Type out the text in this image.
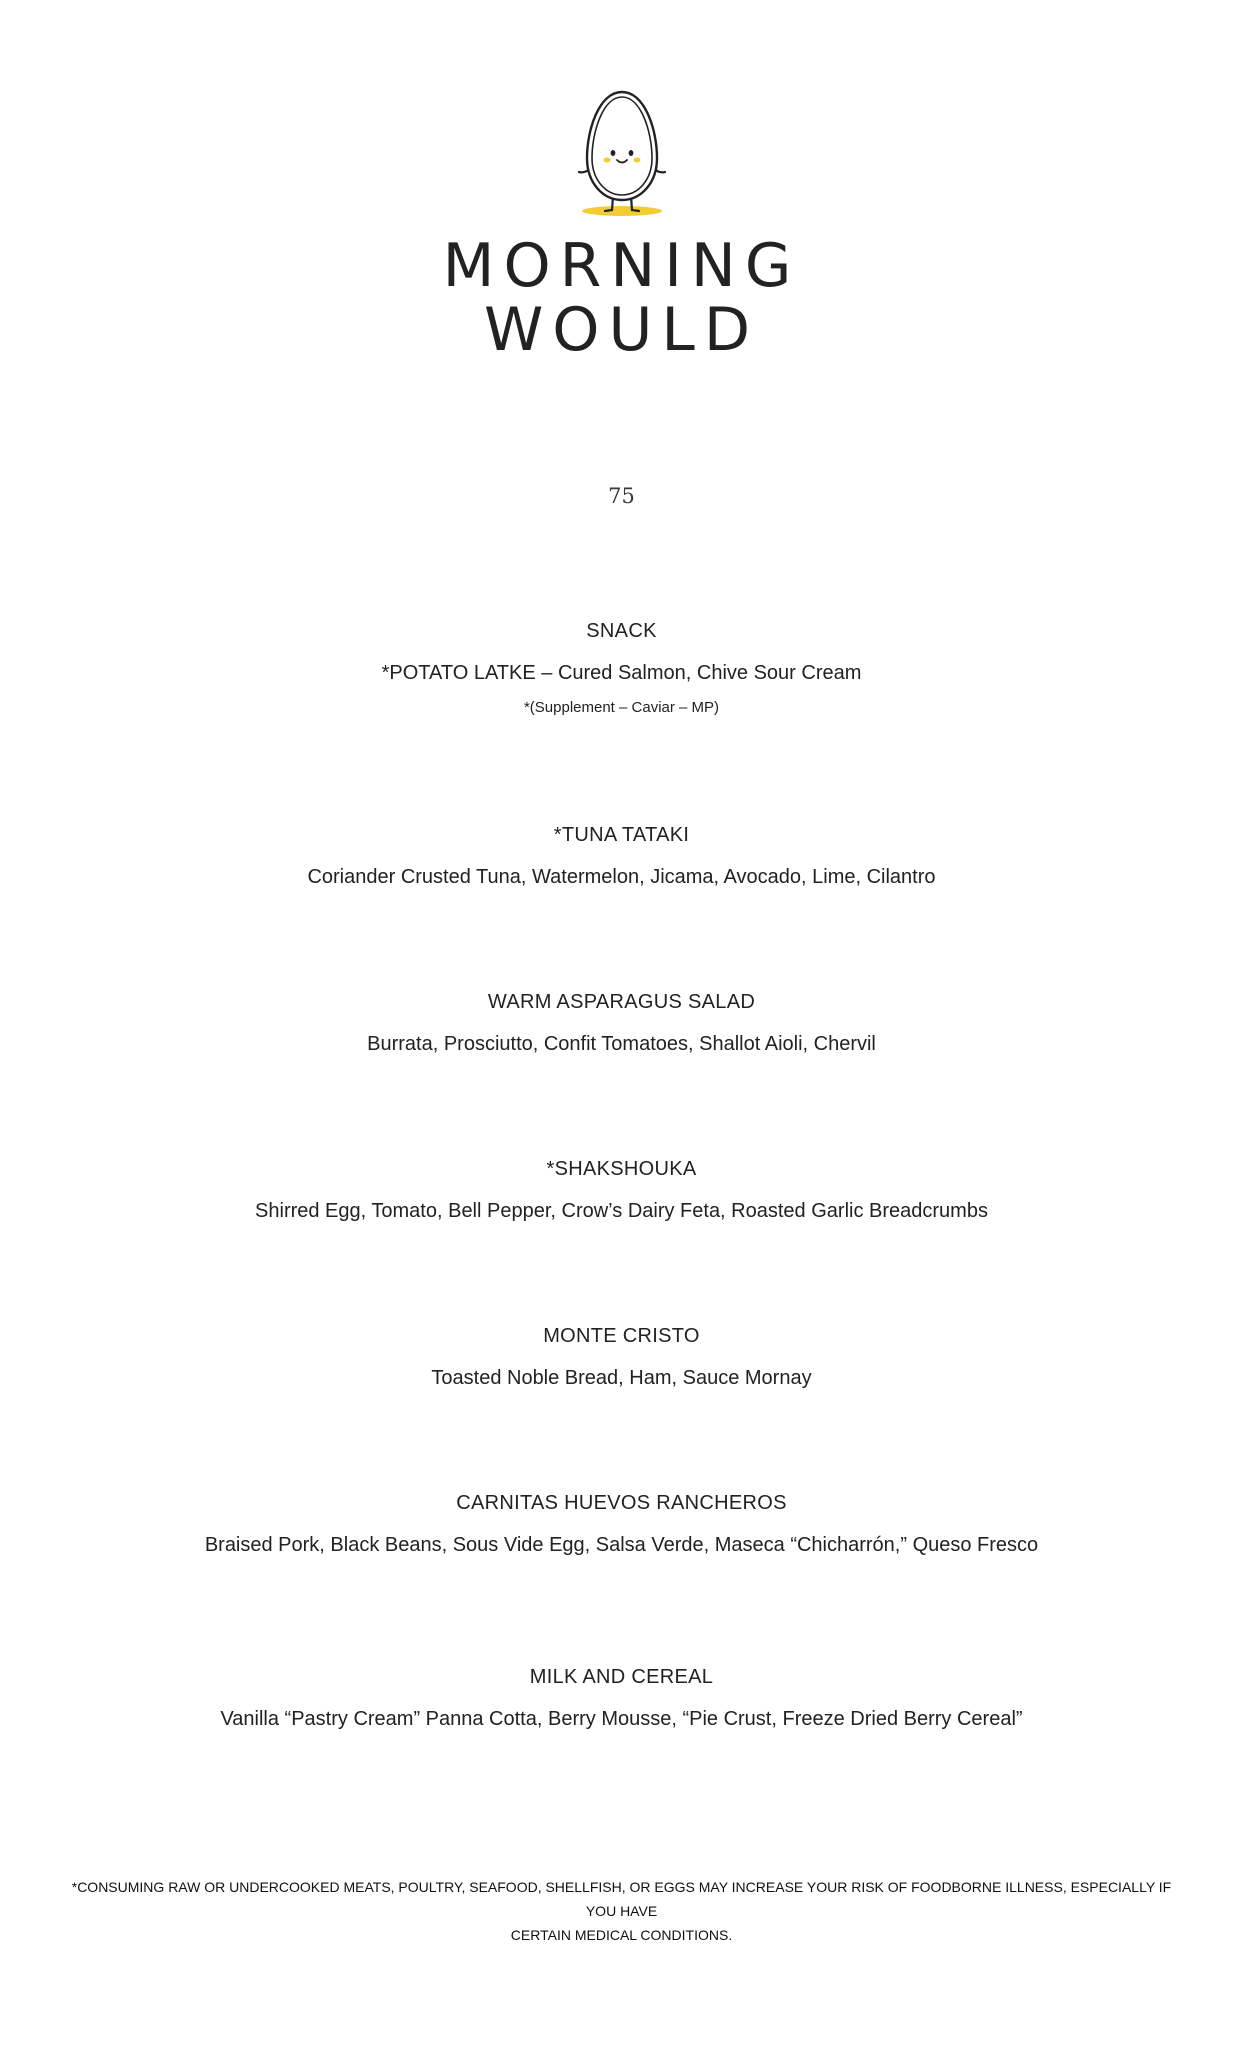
MORNING
WOULD
75
SNACK
*POTATO LATKE – Cured Salmon, Chive Sour Cream
*(Supplement – Caviar – MP)
*TUNA TATAKI
Coriander Crusted Tuna, Watermelon, Jicama, Avocado, Lime, Cilantro
WARM ASPARAGUS SALAD
Burrata, Prosciutto, Confit Tomatoes, Shallot Aioli, Chervil
*SHAKSHOUKA
Shirred Egg, Tomato, Bell Pepper, Crow’s Dairy Feta, Roasted Garlic Breadcrumbs
MONTE CRISTO
Toasted Noble Bread, Ham, Sauce Mornay
CARNITAS HUEVOS RANCHEROS
Braised Pork, Black Beans, Sous Vide Egg, Salsa Verde, Maseca “Chicharrón,” Queso Fresco
MILK AND CEREAL
Vanilla “Pastry Cream” Panna Cotta, Berry Mousse, “Pie Crust, Freeze Dried Berry Cereal”
*CONSUMING RAW OR UNDERCOOKED MEATS, POULTRY, SEAFOOD, SHELLFISH, OR EGGS MAY INCREASE YOUR RISK OF FOODBORNE ILLNESS, ESPECIALLY IF YOU HAVE
CERTAIN MEDICAL CONDITIONS.
